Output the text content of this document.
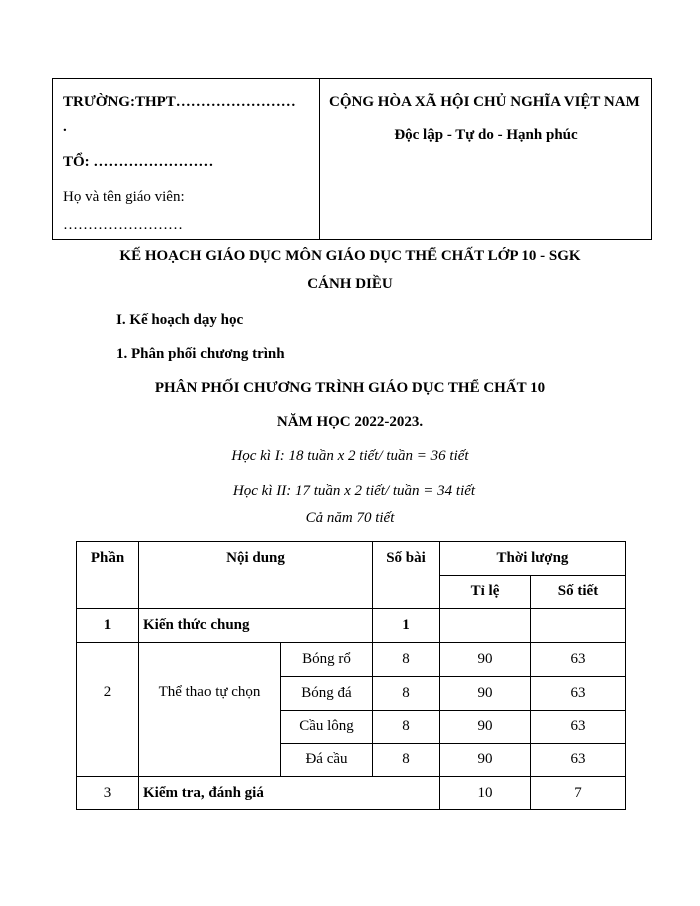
TRƯỜNG:THPT……………………
.
TỔ: ……………………
Họ và tên giáo viên:
……………………
CỘNG HÒA XÃ HỘI CHỦ NGHĨA VIỆT NAM
Độc lập - Tự do - Hạnh phúc
KẾ HOẠCH GIÁO DỤC MÔN GIÁO DỤC THỂ CHẤT LỚP 10 - SGK
CÁNH DIỀU
I. Kế hoạch dạy học
1. Phân phối chương trình
PHÂN PHỐI CHƯƠNG TRÌNH GIÁO DỤC THỂ CHẤT 10
NĂM HỌC 2022-2023.
Học kì I: 18 tuần x 2 tiết/ tuần = 36 tiết
Học kì II: 17 tuần x 2 tiết/ tuần = 34 tiết
Cả năm 70 tiết
Phần	Nội dung	Số bài	Thời lượng
Tỉ lệ	Số tiết
1	Kiến thức chung	1
2	Thể thao tự chọn
Bóng rổ	8	90	63
Bóng đá	8	90	63
Cầu lông	8	90	63
Đá cầu	8	90	63
3	Kiểm tra, đánh giá	10	7
